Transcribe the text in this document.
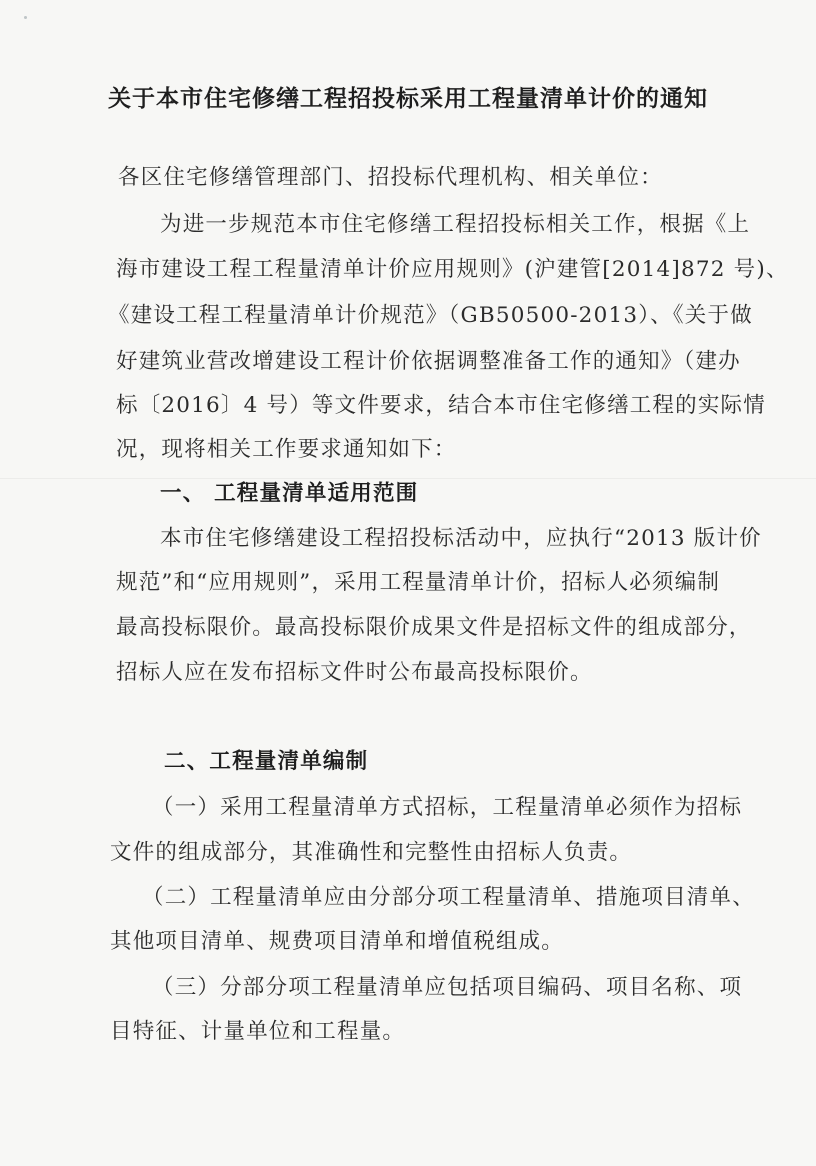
关于本市住宅修缮工程招投标采用工程量清单计价的通知
各区住宅修缮管理部门、招投标代理机构、相关单位：
为进一步规范本市住宅修缮工程招投标相关工作，根据《上
海市建设工程工程量清单计价应用规则》(沪建管[2014]872 号)、
《建设工程工程量清单计价规范》（GB50500-2013）、《关于做
好建筑业营改增建设工程计价依据调整准备工作的通知》（建办
标〔2016〕4 号）等文件要求，结合本市住宅修缮工程的实际情
况，现将相关工作要求通知如下：
一、 工程量清单适用范围
本市住宅修缮建设工程招投标活动中，应执行“2013 版计价
规范”和“应用规则”，采用工程量清单计价，招标人必须编制
最高投标限价。最高投标限价成果文件是招标文件的组成部分，
招标人应在发布招标文件时公布最高投标限价。
二、工程量清单编制
（一）采用工程量清单方式招标，工程量清单必须作为招标
文件的组成部分，其准确性和完整性由招标人负责。
（二）工程量清单应由分部分项工程量清单、措施项目清单、
其他项目清单、规费项目清单和增值税组成。
（三）分部分项工程量清单应包括项目编码、项目名称、项
目特征、计量单位和工程量。
